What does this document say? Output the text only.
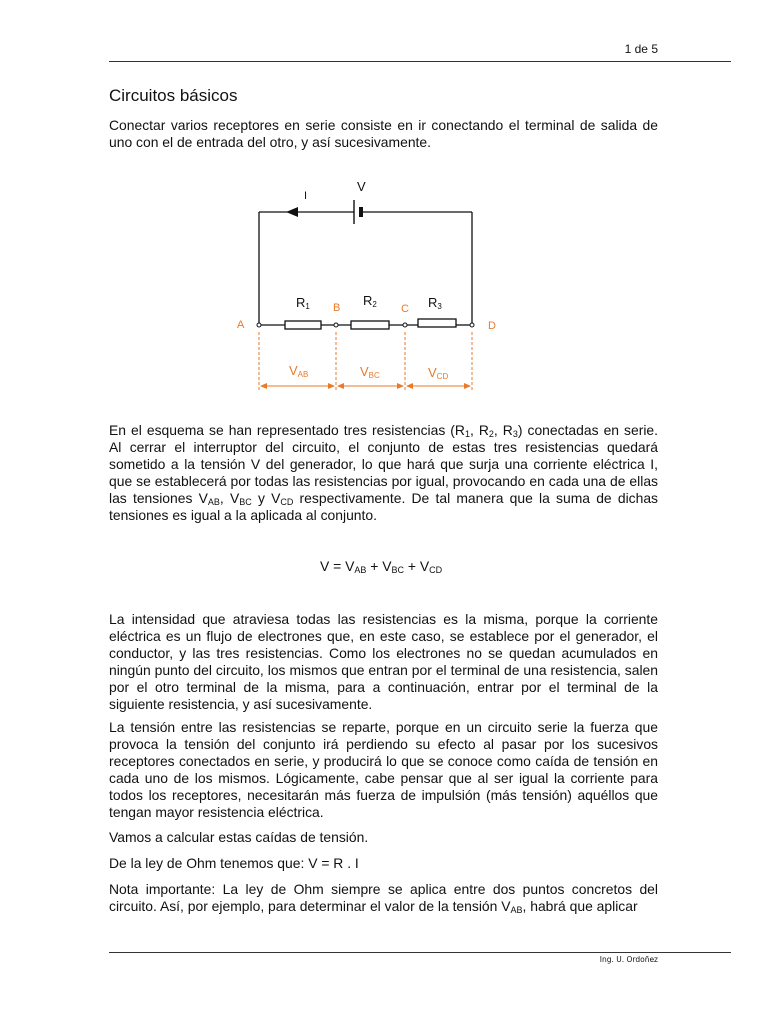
1 de 5
Circuitos básicos

Conectar varios receptores en serie consiste en ir conectando el terminal de salida de uno con el de entrada del otro, y así sucesivamente.

I
V
R1	R2	R3
A
B	C
D
VAB	VBC	VCD

En el esquema se han representado tres resistencias ($R_1$, $R_2$, $R_3$) conectadas en serie. Al cerrar el interruptor del circuito, el conjunto de estas tres resistencias quedará sometido a la tensión V del generador, lo que hará que surja una corriente eléctrica I, que se establecerá por todas las resistencias por igual, provocando en cada una de ellas las tensiones $V_{AB}$, $V_{BC}$ y $V_{CD}$ respectivamente. De tal manera que la suma de dichas tensiones es igual a la aplicada al conjunto.

$V = V_{AB} + V_{BC} + V_{CD}$

La intensidad que atraviesa todas las resistencias es la misma, porque la corriente eléctrica es un flujo de electrones que, en este caso, se establece por el generador, el conductor, y las tres resistencias. Como los electrones no se quedan acumulados en ningún punto del circuito, los mismos que entran por el terminal de una resistencia, salen por el otro terminal de la misma, para a continuación, entrar por el terminal de la siguiente resistencia, y así sucesivamente.

La tensión entre las resistencias se reparte, porque en un circuito serie la fuerza que provoca la tensión del conjunto irá perdiendo su efecto al pasar por los sucesivos receptores conectados en serie, y producirá lo que se conoce como caída de tensión en cada uno de los mismos. Lógicamente, cabe pensar que al ser igual la corriente para todos los receptores, necesitarán más fuerza de impulsión (más tensión) aquéllos que tengan mayor resistencia eléctrica.

Vamos a calcular estas caídas de tensión.

De la ley de Ohm tenemos que: V = R . I

Nota importante: La ley de Ohm siempre se aplica entre dos puntos concretos del circuito. Así, por ejemplo, para determinar el valor de la tensión $V_{AB}$, habrá que aplicar

Ing. U. Ordoñez
